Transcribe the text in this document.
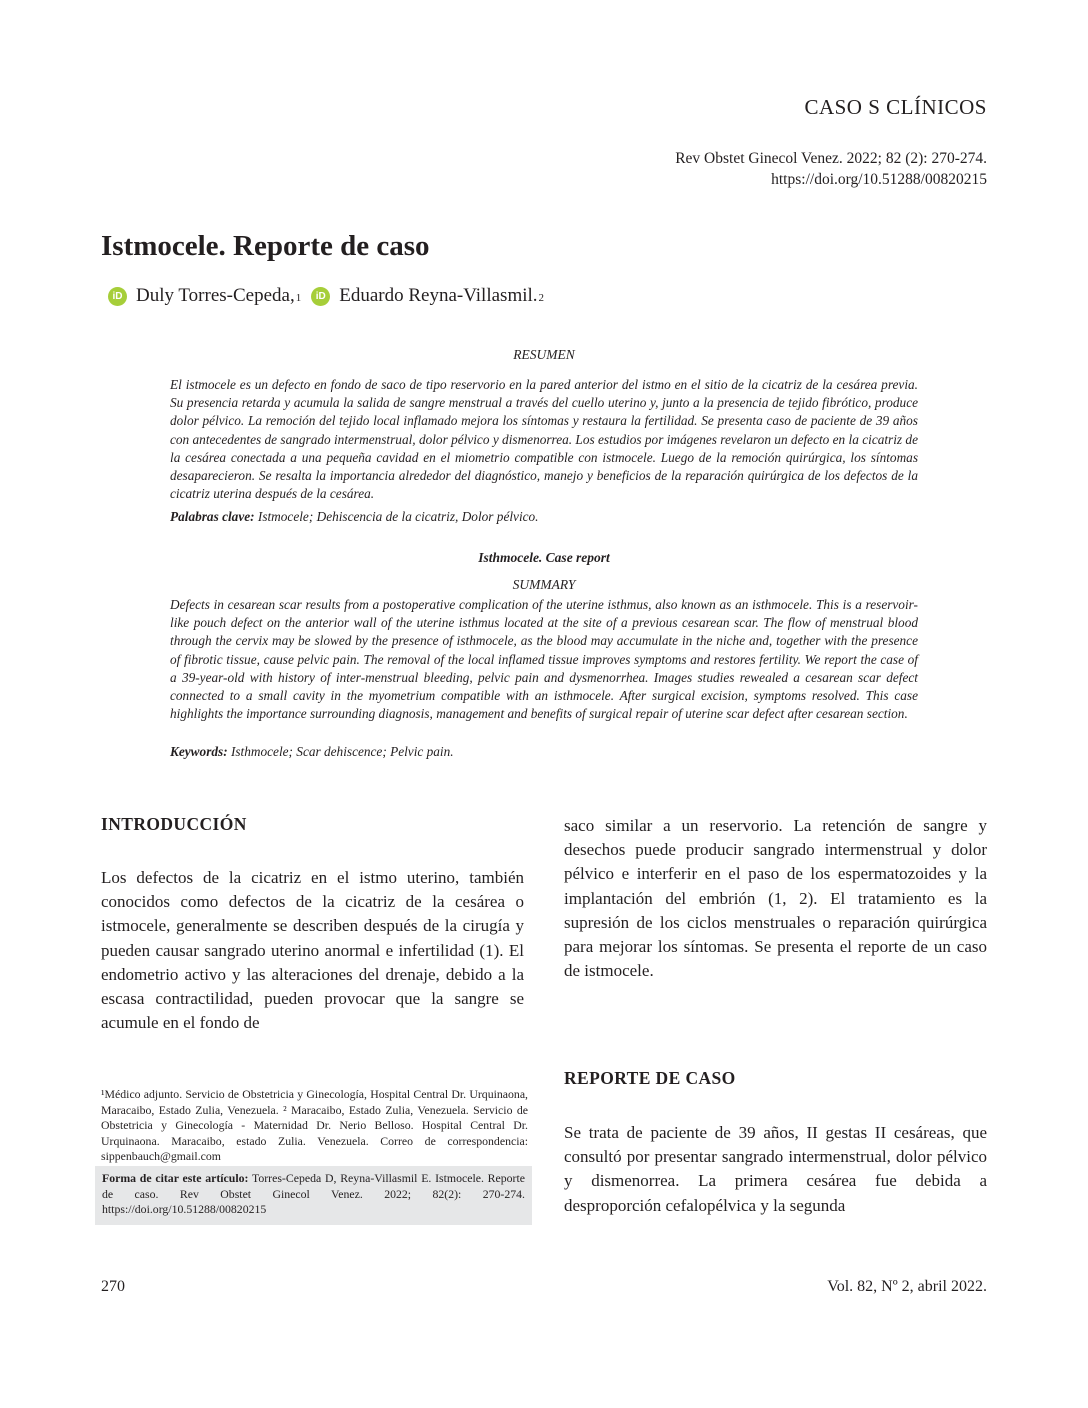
CASO S CLÍNICOS
Rev Obstet Ginecol Venez. 2022; 82 (2): 270-274.
https://doi.org/10.51288/00820215
Istmocele. Reporte de caso
iD Duly Torres-Cepeda, 1	iD Eduardo Reyna-Villasmil. 2
RESUMEN

El istmocele es un defecto en fondo de saco de tipo reservorio en la pared anterior del istmo en el sitio de la cicatriz de la cesárea previa. Su presencia retarda y acumula la salida de sangre menstrual a través del cuello uterino y, junto a la presencia de tejido fibrótico, produce dolor pélvico. La remoción del tejido local inflamado mejora los síntomas y restaura la fertilidad. Se presenta caso de paciente de 39 años con antecedentes de sangrado intermenstrual, dolor pélvico y dismenorrea. Los estudios por imágenes revelaron un defecto en la cicatriz de la cesárea conectada a una pequeña cavidad en el miometrio compatible con istmocele. Luego de la remoción quirúrgica, los síntomas desaparecieron. Se resalta la importancia alrededor del diagnóstico, manejo y beneficios de la reparación quirúrgica de los defectos de la cicatriz uterina después de la cesárea.

Palabras clave: Istmocele; Dehiscencia de la cicatriz, Dolor pélvico.
Isthmocele. Case report
SUMMARY

Defects in cesarean scar results from a postoperative complication of the uterine isthmus, also known as an isthmocele. This is a reservoir-like pouch defect on the anterior wall of the uterine isthmus located at the site of a previous cesarean scar. The flow of menstrual blood through the cervix may be slowed by the presence of isthmocele, as the blood may accumulate in the niche and, together with the presence of fibrotic tissue, cause pelvic pain. The removal of the local inflamed tissue improves symptoms and restores fertility. We report the case of a 39-year-old with history of inter-menstrual bleeding, pelvic pain and dysmenorrhea. Images studies rewealed a cesarean scar defect connected to a small cavity in the myometrium compatible with an isthmocele. After surgical excision, symptoms resolved. This case highlights the importance surrounding diagnosis, management and benefits of surgical repair of uterine scar defect after cesarean section.

Keywords: Isthmocele; Scar dehiscence; Pelvic pain.
INTRODUCCIÓN

Los defectos de la cicatriz en el istmo uterino, también conocidos como defectos de la cicatriz de la cesárea o istmocele, generalmente se describen después de la cirugía y pueden causar sangrado uterino anormal e infertilidad (1). El endometrio activo y las alteraciones del drenaje, debido a la escasa contractilidad, pueden provocar que la sangre se acumule en el fondo de

saco similar a un reservorio. La retención de sangre y desechos puede producir sangrado intermenstrual y dolor pélvico e interferir en el paso de los espermatozoides y la implantación del embrión (1, 2). El tratamiento es la supresión de los ciclos menstruales o reparación quirúrgica para mejorar los síntomas. Se presenta el reporte de un caso de istmocele.

REPORTE DE CASO

Se trata de paciente de 39 años, II gestas II cesáreas, que consultó por presentar sangrado intermenstrual, dolor pélvico y dismenorrea. La primera cesárea fue debida a desproporción cefalopélvica y la segunda

¹Médico adjunto. Servicio de Obstetricia y Ginecología, Hospital Central Dr. Urquinaona, Maracaibo, Estado Zulia, Venezuela. ² Maracaibo, Estado Zulia, Venezuela. Servicio de Obstetricia y Ginecología - Maternidad Dr. Nerio Belloso. Hospital Central Dr. Urquinaona. Maracaibo, estado Zulia. Venezuela. Correo de correspondencia: sippenbauch@gmail.com

Forma de citar este artículo: Torres-Cepeda D, Reyna-Villasmil E. Istmocele. Reporte de caso. Rev Obstet Ginecol Venez. 2022; 82(2): 270-274. https://doi.org/10.51288/00820215
270	Vol. 82, Nº 2, abril 2022.
